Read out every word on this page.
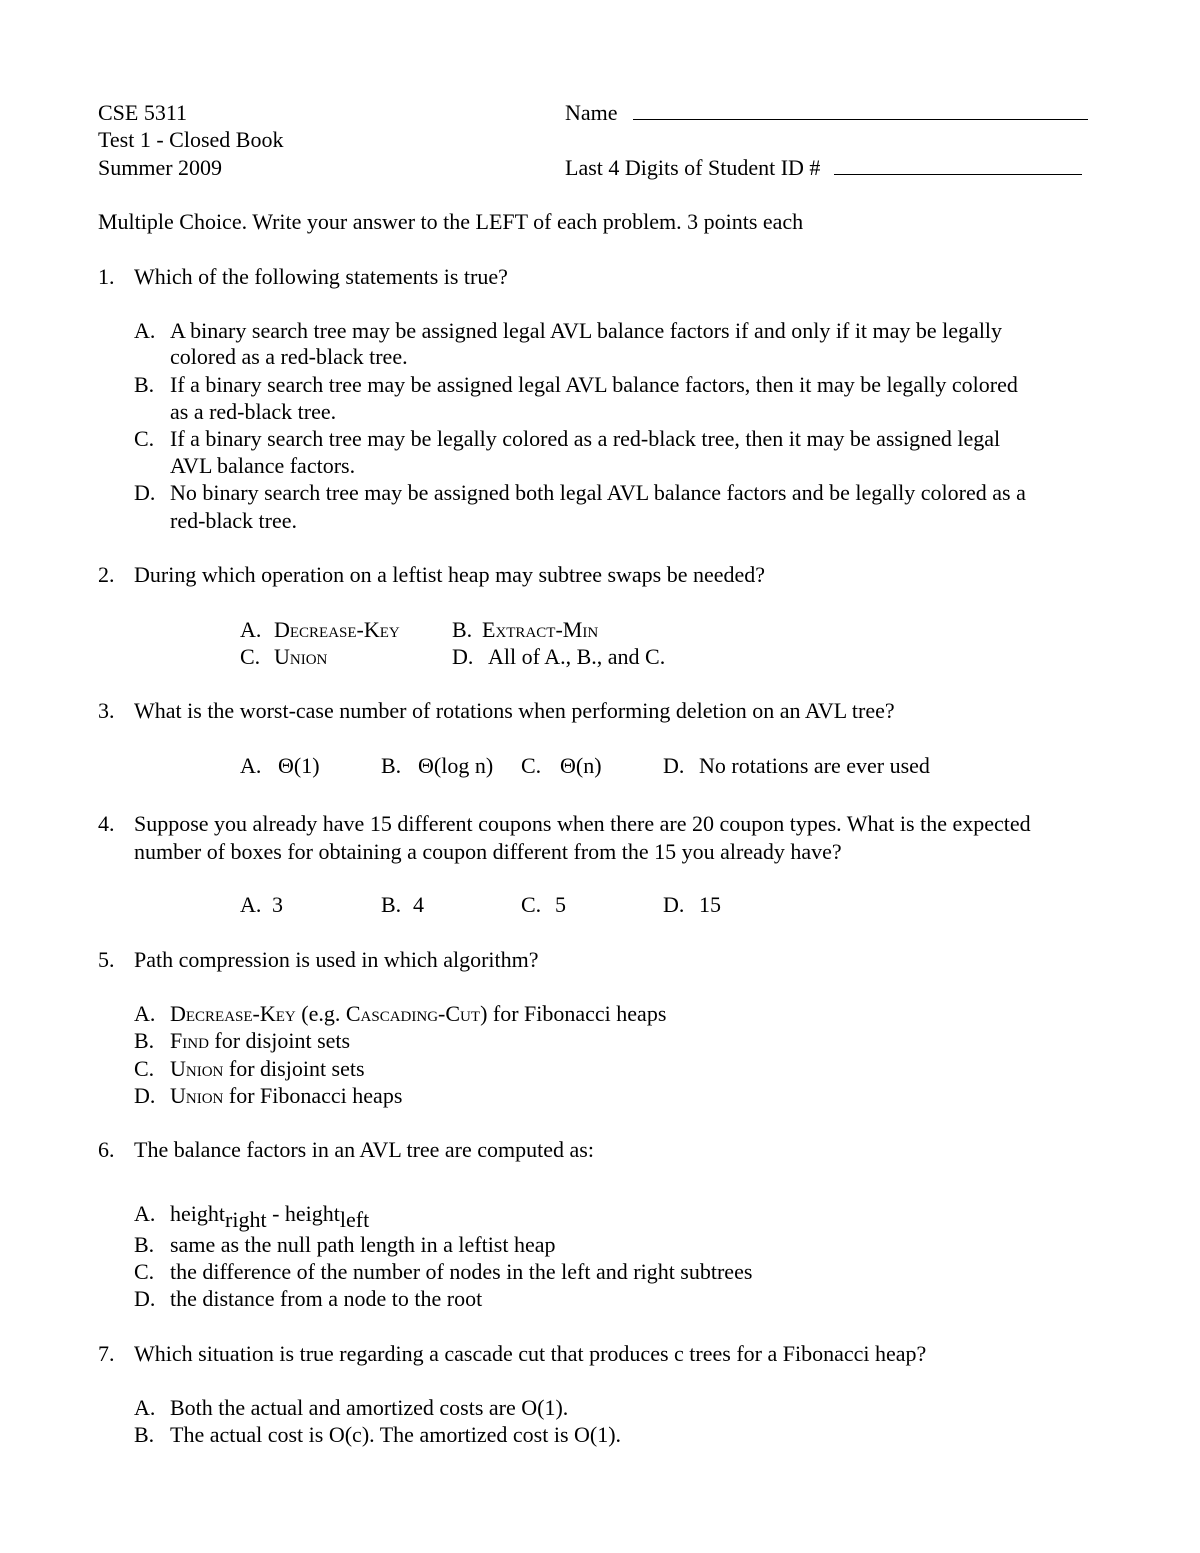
CSE 5311
Test 1 - Closed Book
Summer 2009
Name
Last 4 Digits of Student ID #
Multiple Choice. Write your answer to the LEFT of each problem. 3 points each
1. Which of the following statements is true?
A. A binary search tree may be assigned legal AVL balance factors if and only if it may be legally
colored as a red-black tree.
B. If a binary search tree may be assigned legal AVL balance factors, then it may be legally colored
as a red-black tree.
C. If a binary search tree may be legally colored as a red-black tree, then it may be assigned legal
AVL balance factors.
D. No binary search tree may be assigned both legal AVL balance factors and be legally colored as a
red-black tree.
2. During which operation on a leftist heap may subtree swaps be needed?
A. Decrease-Key B. Extract-Min
C. Union	D. All of A., B., and C.
3. What is the worst-case number of rotations when performing deletion on an AVL tree?
A. Θ(1)	B. Θ(log n) C. Θ(n)	D. No rotations are ever used
4. Suppose you already have 15 different coupons when there are 20 coupon types. What is the expected
number of boxes for obtaining a coupon different from the 15 you already have?
A. 3	B. 4	C. 5	D. 15
5. Path compression is used in which algorithm?
A. Decrease-Key (e.g. Cascading-Cut) for Fibonacci heaps
B. Find for disjoint sets
C. Union for disjoint sets
D. Union for Fibonacci heaps
6. The balance factors in an AVL tree are computed as:
A. height$_{right}$ - height$_{left}$
B. same as the null path length in a leftist heap
C. the difference of the number of nodes in the left and right subtrees
D. the distance from a node to the root
7. Which situation is true regarding a cascade cut that produces c trees for a Fibonacci heap?
A. Both the actual and amortized costs are O(1).
B. The actual cost is O(c). The amortized cost is O(1).
